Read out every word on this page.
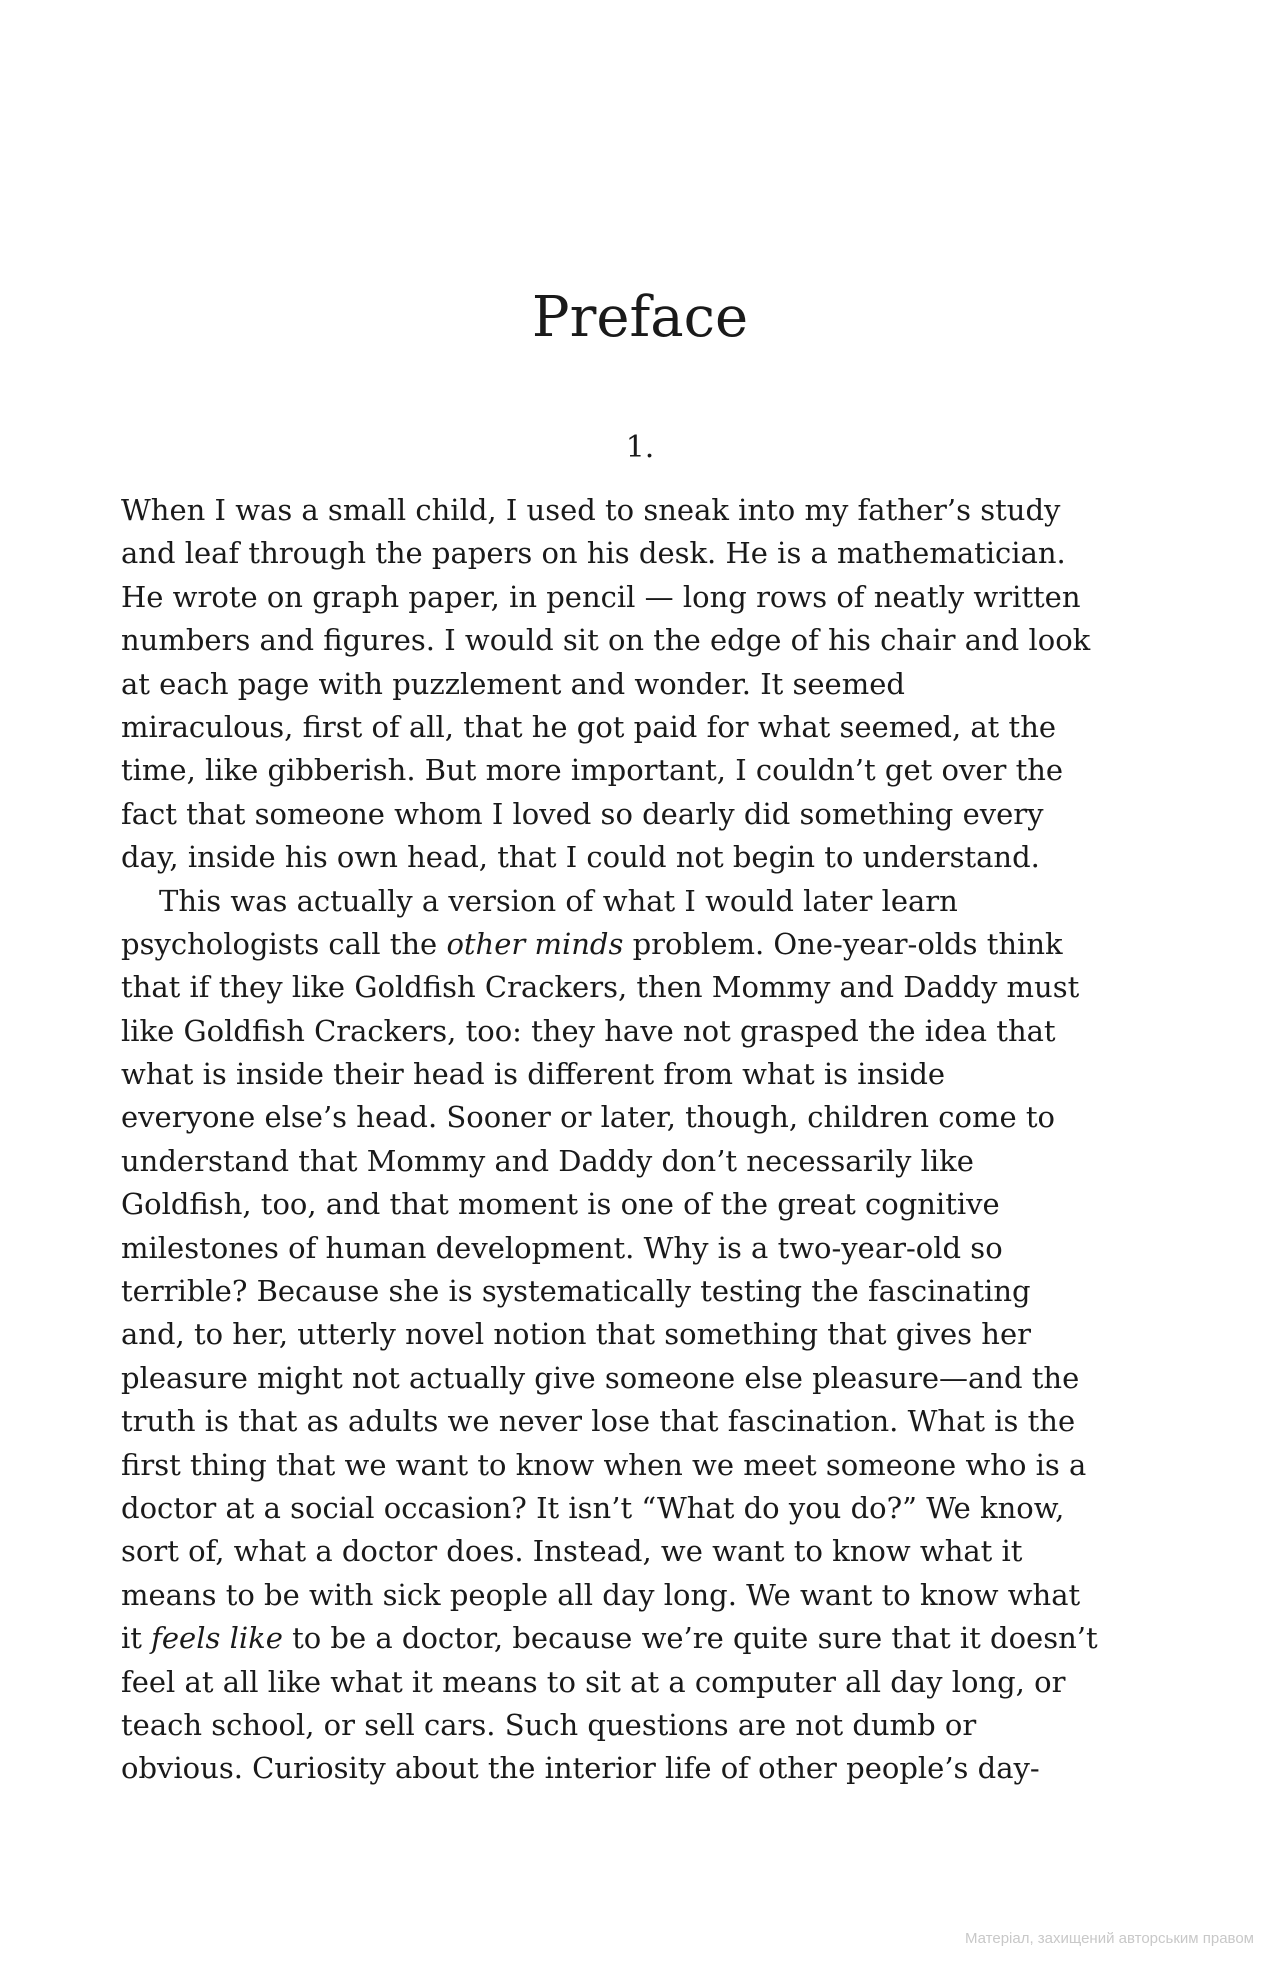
Preface
1.
When I was a small child, I used to sneak into my father’s study
and leaf through the papers on his desk. He is a mathematician.
He wrote on graph paper, in pencil — long rows of neatly written
numbers and figures. I would sit on the edge of his chair and look
at each page with puzzlement and wonder. It seemed
miraculous, first of all, that he got paid for what seemed, at the
time, like gibberish. But more important, I couldn’t get over the
fact that someone whom I loved so dearly did something every
day, inside his own head, that I could not begin to understand.
This was actually a version of what I would later learn
psychologists call the other minds problem. One-year-olds think
that if they like Goldfish Crackers, then Mommy and Daddy must
like Goldfish Crackers, too: they have not grasped the idea that
what is inside their head is different from what is inside
everyone else’s head. Sooner or later, though, children come to
understand that Mommy and Daddy don’t necessarily like
Goldfish, too, and that moment is one of the great cognitive
milestones of human development. Why is a two-year-old so
terrible? Because she is systematically testing the fascinating
and, to her, utterly novel notion that something that gives her
pleasure might not actually give someone else pleasure—and the
truth is that as adults we never lose that fascination. What is the
first thing that we want to know when we meet someone who is a
doctor at a social occasion? It isn’t “What do you do?” We know,
sort of, what a doctor does. Instead, we want to know what it
means to be with sick people all day long. We want to know what
it feels like to be a doctor, because we’re quite sure that it doesn’t
feel at all like what it means to sit at a computer all day long, or
teach school, or sell cars. Such questions are not dumb or
obvious. Curiosity about the interior life of other people’s day-
Матеріал, захищений авторським правом
